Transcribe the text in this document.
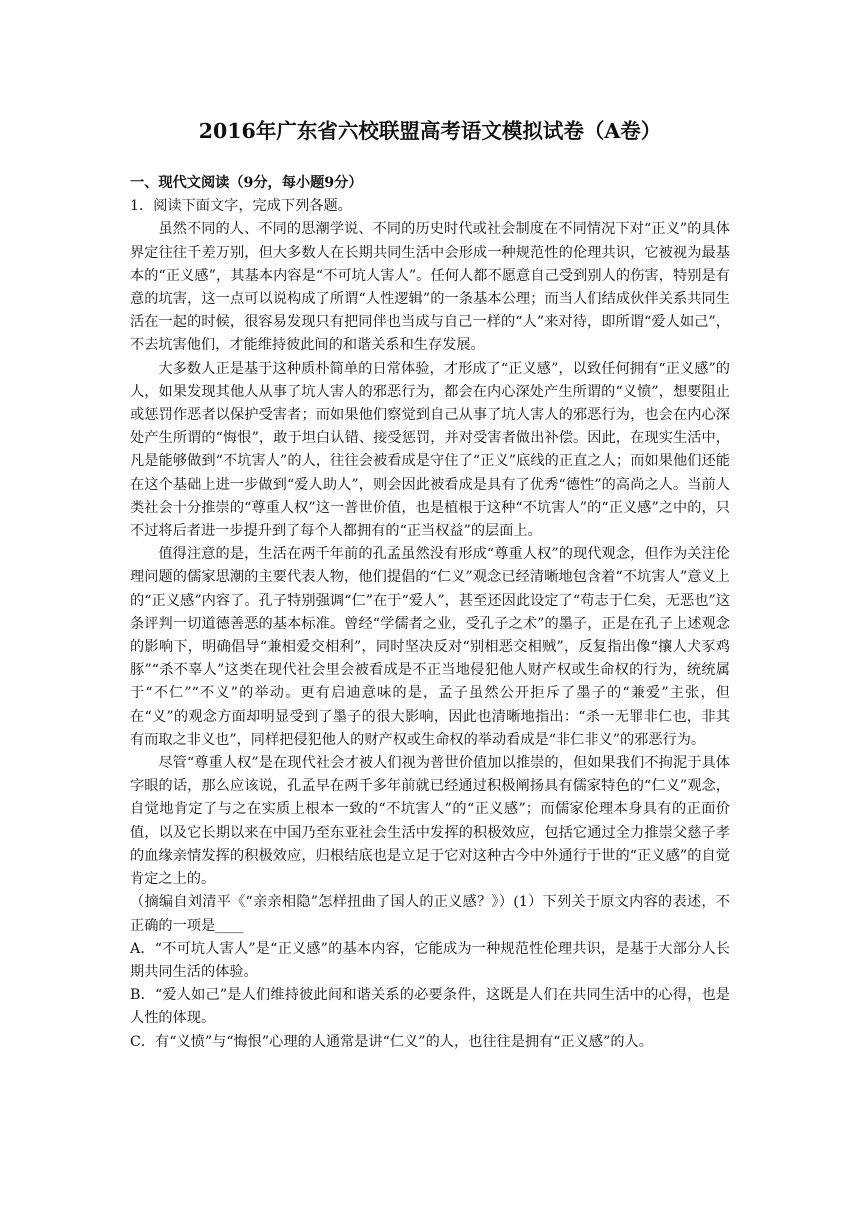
2016年广东省六校联盟高考语文模拟试卷（A卷）

一、现代文阅读（9分，每小题9分）

1．阅读下面文字，完成下列各题。

虽然不同的人、不同的思潮学说、不同的历史时代或社会制度在不同情况下对“正义”的具体界定往往千差万别，但大多数人在长期共同生活中会形成一种规范性的伦理共识，它被视为最基本的“正义感”，其基本内容是“不可坑人害人”。任何人都不愿意自己受到别人的伤害，特别是有意的坑害，这一点可以说构成了所谓“人性逻辑”的一条基本公理；而当人们结成伙伴关系共同生活在一起的时候，很容易发现只有把同伴也当成与自己一样的“人”来对待，即所谓“爱人如己”，不去坑害他们，才能维持彼此间的和谐关系和生存发展。

大多数人正是基于这种质朴简单的日常体验，才形成了“正义感”，以致任何拥有“正义感”的人，如果发现其他人从事了坑人害人的邪恶行为，都会在内心深处产生所谓的“义愤”，想要阻止或惩罚作恶者以保护受害者；而如果他们察觉到自己从事了坑人害人的邪恶行为，也会在内心深处产生所谓的“悔恨”，敢于坦白认错、接受惩罚，并对受害者做出补偿。因此，在现实生活中，凡是能够做到“不坑害人”的人，往往会被看成是守住了“正义”底线的正直之人；而如果他们还能在这个基础上进一步做到“爱人助人”，则会因此被看成是具有了优秀“德性”的高尚之人。当前人类社会十分推崇的“尊重人权”这一普世价值，也是植根于这种“不坑害人”的“正义感”之中的，只不过将后者进一步提升到了每个人都拥有的“正当权益”的层面上。

值得注意的是，生活在两千年前的孔孟虽然没有形成“尊重人权”的现代观念，但作为关注伦理问题的儒家思潮的主要代表人物，他们提倡的“仁义”观念已经清晰地包含着“不坑害人”意义上的“正义感”内容了。孔子特别强调“仁”在于“爱人”，甚至还因此设定了“苟志于仁矣，无恶也”这条评判一切道德善恶的基本标准。曾经“学儒者之业，受孔子之术”的墨子，正是在孔子上述观念的影响下，明确倡导“兼相爱交相利”，同时坚决反对“别相恶交相贼”，反复指出像“攘人犬豕鸡豚”“杀不辜人”这类在现代社会里会被看成是不正当地侵犯他人财产权或生命权的行为，统统属于“不仁”“不义”的举动。更有启迪意味的是，孟子虽然公开拒斥了墨子的“兼爱”主张，但在“义”的观念方面却明显受到了墨子的很大影响，因此也清晰地指出：“杀一无罪非仁也，非其有而取之非义也”，同样把侵犯他人的财产权或生命权的举动看成是“非仁非义”的邪恶行为。

尽管“尊重人权”是在现代社会才被人们视为普世价值加以推崇的，但如果我们不拘泥于具体字眼的话，那么应该说，孔孟早在两千多年前就已经通过积极阐扬具有儒家特色的“仁义”观念，自觉地肯定了与之在实质上根本一致的“不坑害人”的“正义感”；而儒家伦理本身具有的正面价值，以及它长期以来在中国乃至东亚社会生活中发挥的积极效应，包括它通过全力推崇父慈子孝的血缘亲情发挥的积极效应，归根结底也是立足于它对这种古今中外通行于世的“正义感”的自觉肯定之上的。

（摘编自刘清平《“亲亲相隐”怎样扭曲了国人的正义感？》）(1）下列关于原文内容的表述，不正确的一项是____

A．“不可坑人害人”是“正义感”的基本内容，它能成为一种规范性伦理共识，是基于大部分人长期共同生活的体验。

B．“爱人如己”是人们维持彼此间和谐关系的必要条件，这既是人们在共同生活中的心得，也是人性的体现。

C．有“义愤”与“悔恨”心理的人通常是讲“仁义”的人，也往往是拥有“正义感”的人。
